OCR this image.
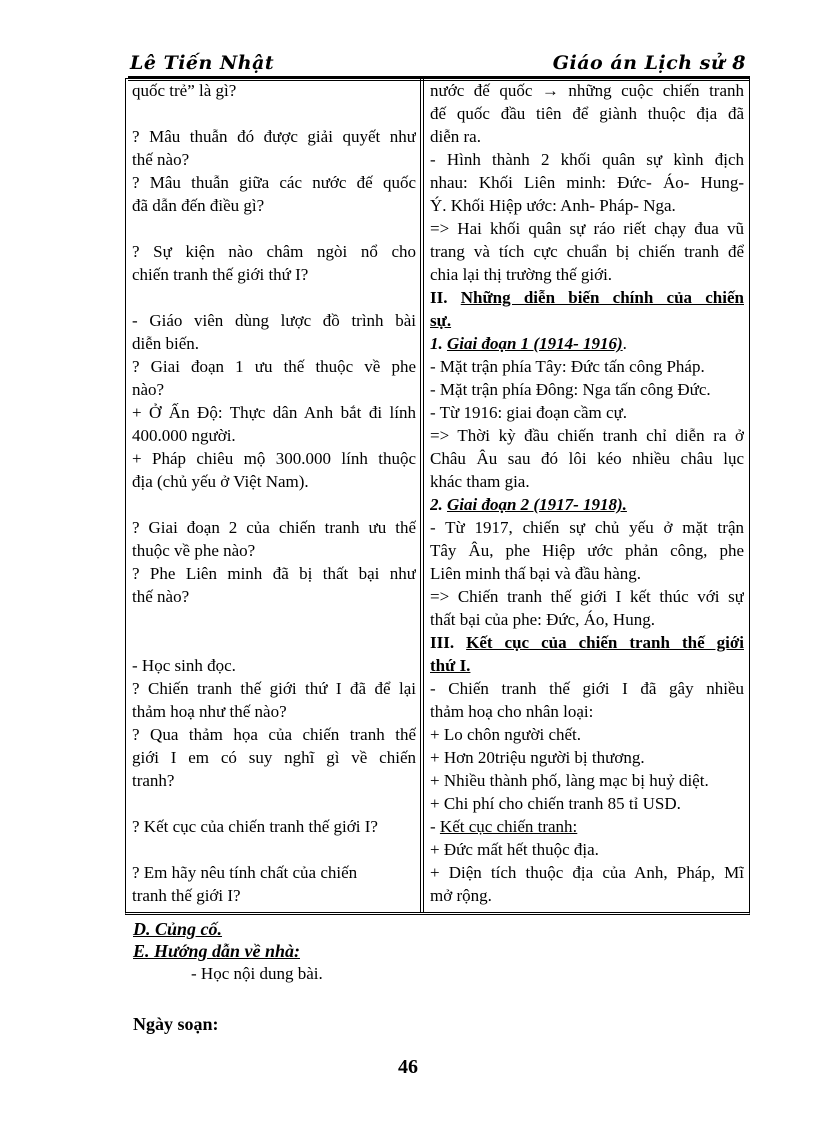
Lê Tiến Nhật	Giáo án Lịch sử 8
quốc trẻ” là gì?
? Mâu thuẫn đó được giải quyết như
thế nào?
? Mâu thuẫn giữa các nước đế quốc
đã dẫn đến điều gì?
? Sự kiện nào châm ngòi nổ cho
chiến tranh thế giới thứ I?
- Giáo viên dùng lược đồ trình bài
diễn biến.
? Giai đoạn 1 ưu thế thuộc về phe
nào?
+ Ở Ấn Độ: Thực dân Anh bắt đi lính
400.000 người.
+ Pháp chiêu mộ 300.000 lính thuộc
địa (chủ yếu ở Việt Nam).
? Giai đoạn 2 của chiến tranh ưu thế
thuộc về phe nào?
? Phe Liên minh đã bị thất bại như
thế nào?
- Học sinh đọc.
? Chiến tranh thế giới thứ I đã để lại
thảm hoạ như thế nào?
? Qua thảm họa của chiến tranh thế
giới I em có suy nghĩ gì về chiến
tranh?
? Kết cục của chiến tranh thế giới I?
? Em hãy nêu tính chất của chiến
tranh thế giới I?
nước đế quốc → những cuộc chiến tranh
đế quốc đầu tiên để giành thuộc địa đã
diễn ra.
- Hình thành 2 khối quân sự kình địch
nhau: Khối Liên minh: Đức- Áo- Hung-
Ý. Khối Hiệp ước: Anh- Pháp- Nga.
=> Hai khối quân sự ráo riết chạy đua vũ
trang và tích cực chuẩn bị chiến tranh để
chia lại thị trường thế giới.
II. Những diễn biến chính của chiến
sự.
1. Giai đoạn 1 (1914- 1916).
- Mặt trận phía Tây: Đức tấn công Pháp.
- Mặt trận phía Đông: Nga tấn công Đức.
- Từ 1916: giai đoạn cầm cự.
=> Thời kỳ đầu chiến tranh chỉ diễn ra ở
Châu Âu sau đó lôi kéo nhiều châu lục
khác tham gia.
2. Giai đoạn 2 (1917- 1918).
- Từ 1917, chiến sự chủ yếu ở mặt trận
Tây Âu, phe Hiệp ước phản công, phe
Liên minh thấ bại và đầu hàng.
=> Chiến tranh thế giới I kết thúc với sự
thất bại của phe: Đức, Áo, Hung.
III. Kết cục của chiến tranh thế giới
thứ I.
- Chiến tranh thế giới I đã gây nhiều
thảm hoạ cho nhân loại:
+ Lo chôn người chết.
+ Hơn 20triệu người bị thương.
+ Nhiều thành phố, làng mạc bị huỷ diệt.
+ Chi phí cho chiến tranh 85 tỉ USD.
- Kết cục chiến tranh:
+ Đức mất hết thuộc địa.
+ Diện tích thuộc địa của Anh, Pháp, Mĩ
mở rộng.
D. Củng cố.
E. Hướng dẫn về nhà:
- Học nội dung bài.
Ngày soạn:
46
